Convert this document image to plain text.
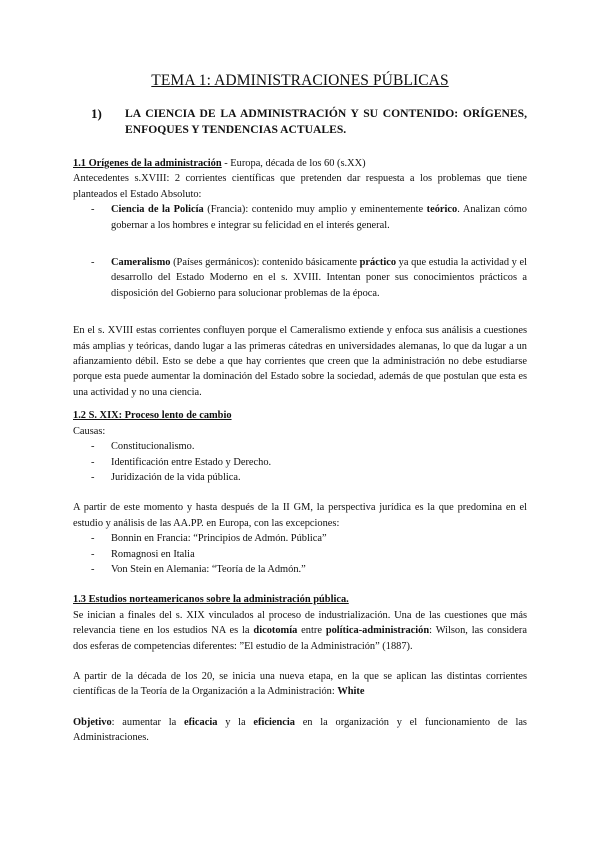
TEMA 1: ADMINISTRACIONES PÚBLICAS
1)	LA CIENCIA DE LA ADMINISTRACIÓN Y SU CONTENIDO: ORÍGENES, ENFOQUES Y TENDENCIAS ACTUALES.

1.1 Orígenes de la administración - Europa, década de los 60 (s.XX)

Antecedentes s.XVIII: 2 corrientes científicas que pretenden dar respuesta a los problemas que tiene planteados el Estado Absoluto:

- Ciencia de la Policía (Francia): contenido muy amplio y eminentemente teórico. Analizan cómo gobernar a los hombres e integrar su felicidad en el interés general.
- Cameralismo (Países germánicos): contenido básicamente práctico ya que estudia la actividad y el desarrollo del Estado Moderno en el s. XVIII. Intentan poner sus conocimientos prácticos a disposición del Gobierno para solucionar problemas de la época.

En el s. XVIII estas corrientes confluyen porque el Cameralismo extiende y enfoca sus análisis a cuestiones más amplias y teóricas, dando lugar a las primeras cátedras en universidades alemanas, lo que da lugar a un afianzamiento débil. Esto se debe a que hay corrientes que creen que la administración no debe estudiarse porque esta puede aumentar la dominación del Estado sobre la sociedad, además de que postulan que esta es una actividad y no una ciencia.

1.2 S. XIX: Proceso lento de cambio

Causas:

- Constitucionalismo.
- Identificación entre Estado y Derecho.
- Juridización de la vida pública.

A partir de este momento y hasta después de la II GM, la perspectiva jurídica es la que predomina en el estudio y análisis de las AA.PP. en Europa, con las excepciones:

- Bonnin en Francia: “Principios de Admón. Pública”
- Romagnosi en Italia
- Von Stein en Alemania: “Teoría de la Admón.”

1.3 Estudios norteamericanos sobre la administración pública.

Se inician a finales del s. XIX vinculados al proceso de industrialización. Una de las cuestiones que más relevancia tiene en los estudios NA es la dicotomía entre política-administración: Wilson, las considera dos esferas de competencias diferentes: ”El estudio de la Administración” (1887).

A partir de la década de los 20, se inicia una nueva etapa, en la que se aplican las distintas corrientes científicas de la Teoría de la Organización a la Administración: White

Objetivo: aumentar la eficacia y la eficiencia en la organización y el funcionamiento de las Administraciones.
